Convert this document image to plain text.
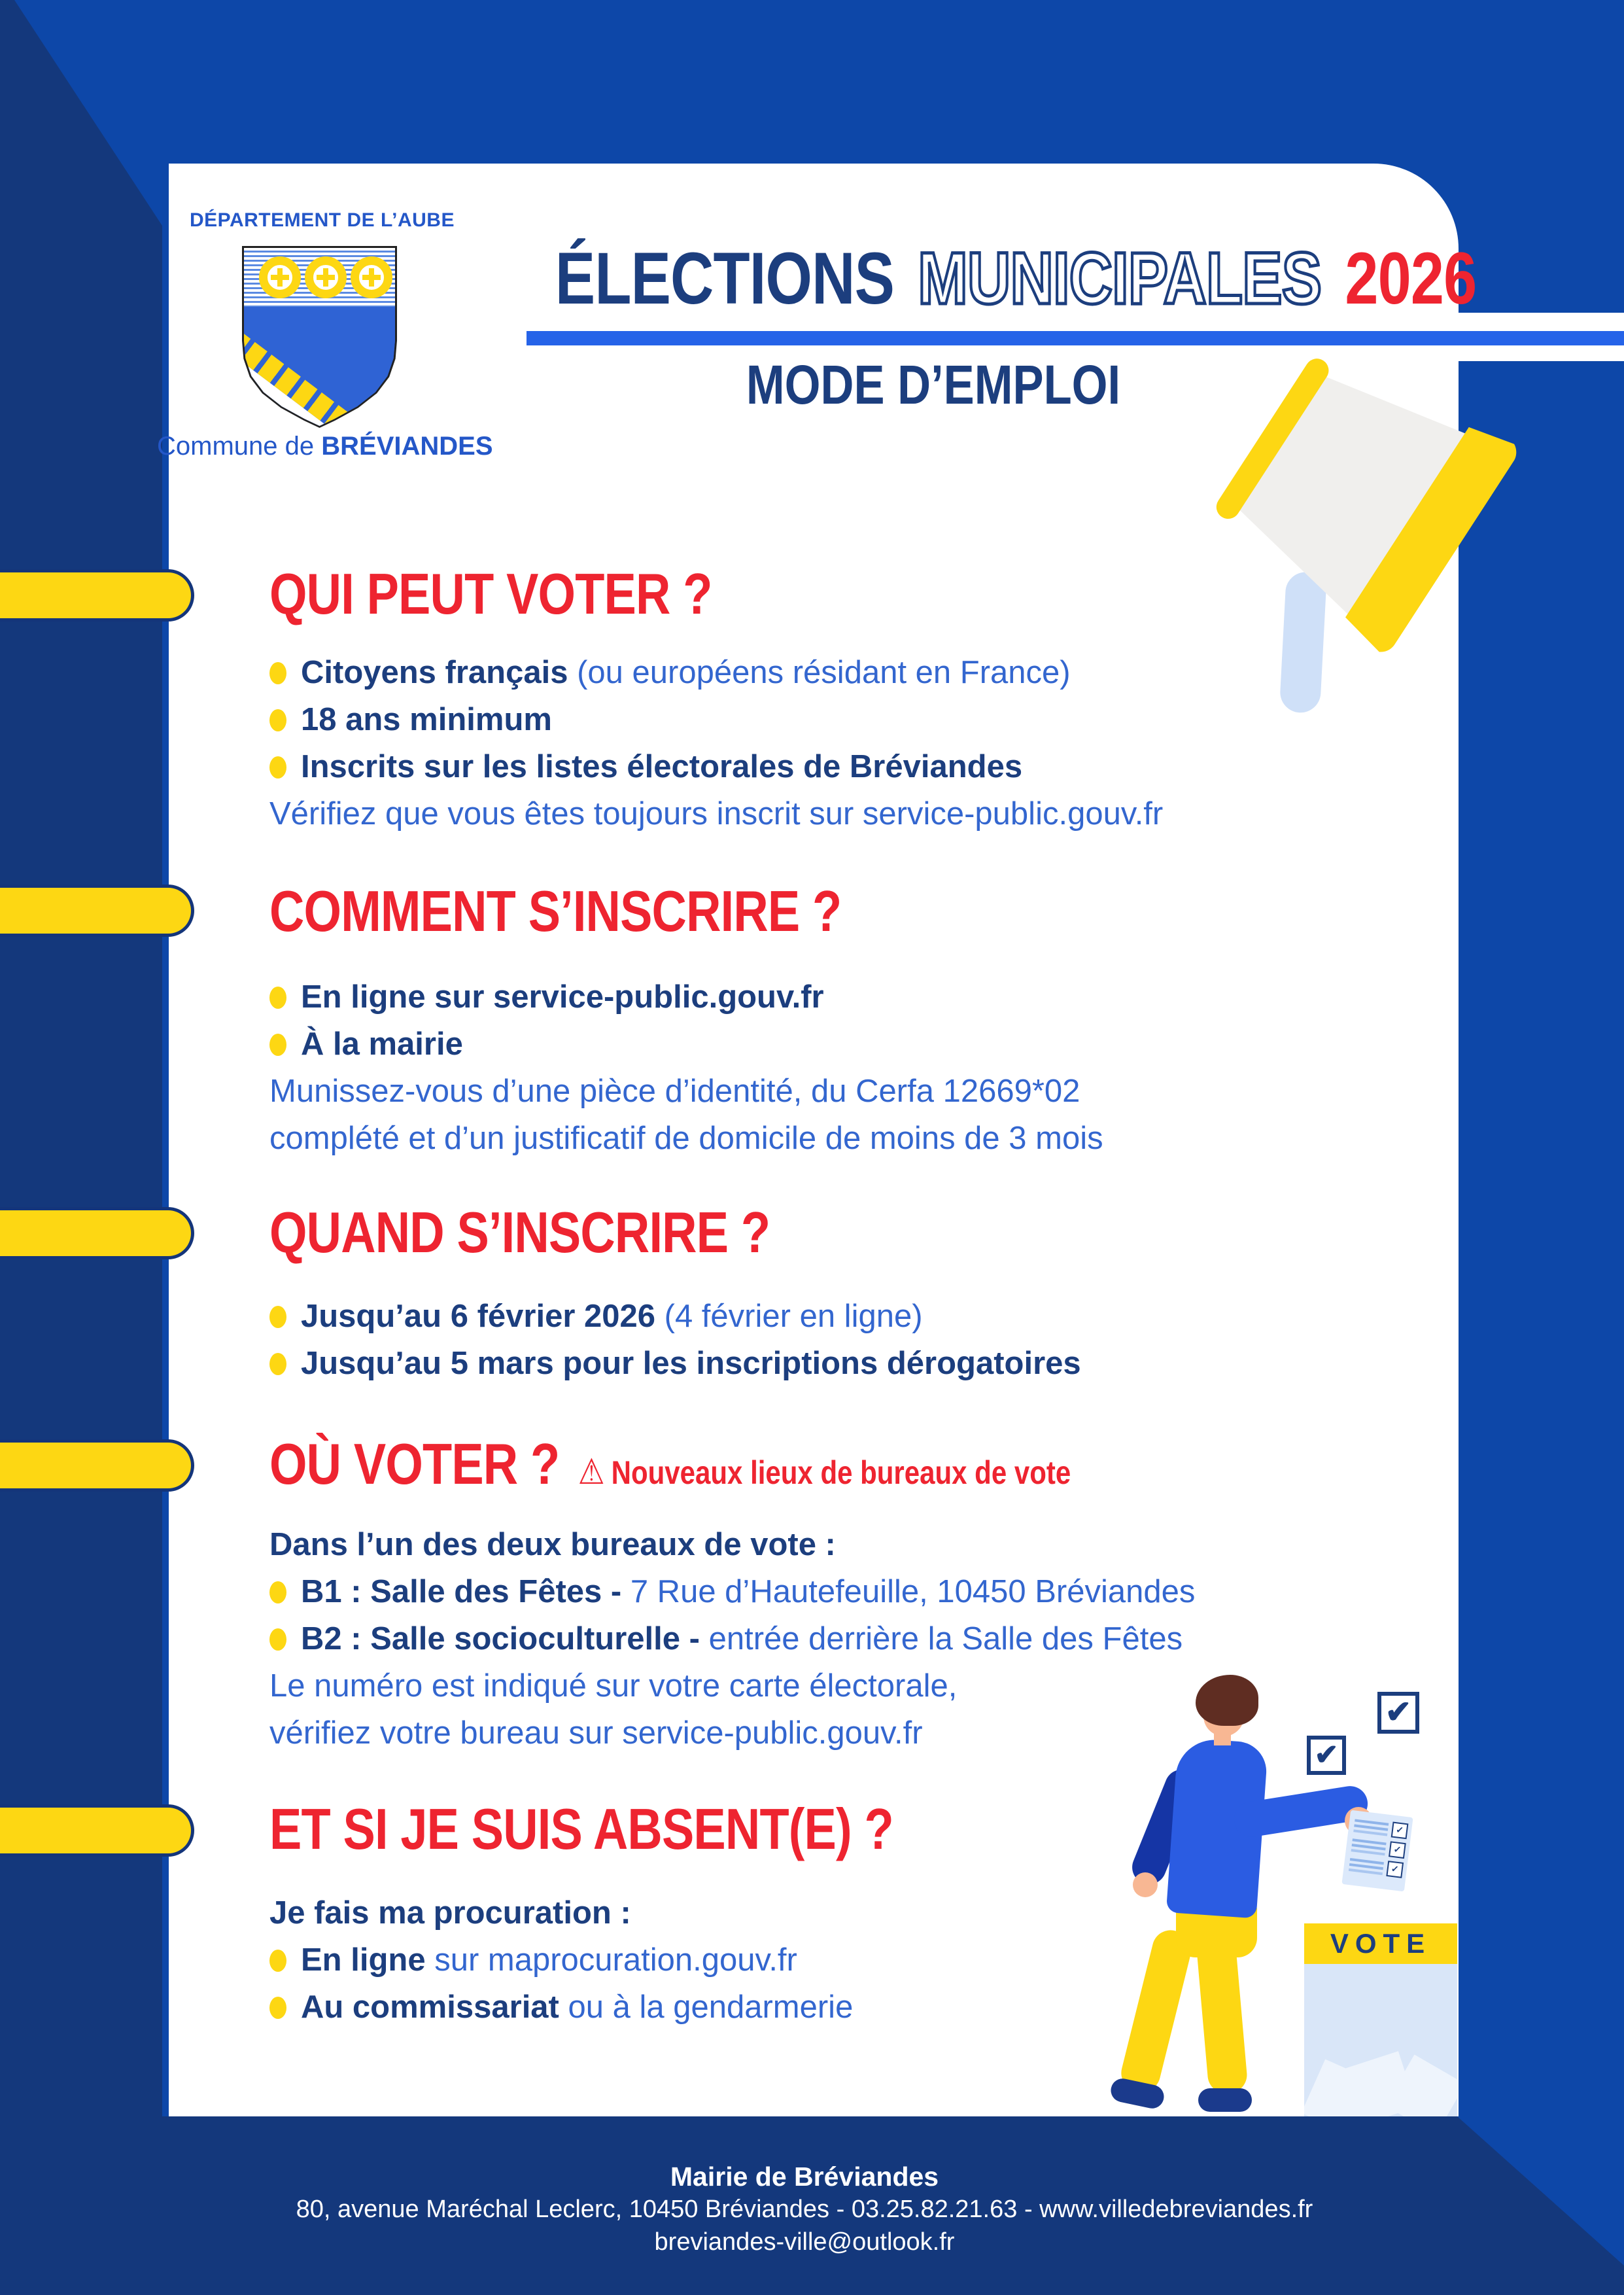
DÉPARTEMENT DE L’AUBE
Commune de BRÉVIANDES
ÉLECTIONS MUNICIPALES 2026
MODE D’EMPLOI
QUI PEUT VOTER ?
Citoyens français (ou européens résidant en France)
18 ans minimum
Inscrits sur les listes électorales de Bréviandes
Vérifiez que vous êtes toujours inscrit sur service-public.gouv.fr
COMMENT S’INSCRIRE ?
En ligne sur service-public.gouv.fr
À la mairie
Munissez-vous d’une pièce d’identité, du Cerfa 12669*02
complété et d’un justificatif de domicile de moins de 3 mois
QUAND S’INSCRIRE ?
Jusqu’au 6 février 2026 (4 février en ligne)
Jusqu’au 5 mars pour les inscriptions dérogatoires
OÙ VOTER ? ⚠ Nouveaux lieux de bureaux de vote
Dans l’un des deux bureaux de vote :
B1 : Salle des Fêtes - 7 Rue d’Hautefeuille, 10450 Bréviandes
B2 : Salle socioculturelle - entrée derrière la Salle des Fêtes
Le numéro est indiqué sur votre carte électorale,
vérifiez votre bureau sur service-public.gouv.fr
ET SI JE SUIS ABSENT(E) ?
Je fais ma procuration :
En ligne sur maprocuration.gouv.fr
Au commissariat ou à la gendarmerie
✓
✓
✓
✔
✔
VOTE
Mairie de Bréviandes
80, avenue Maréchal Leclerc, 10450 Bréviandes - 03.25.82.21.63 - www.villedebreviandes.fr
breviandes-ville@outlook.fr
